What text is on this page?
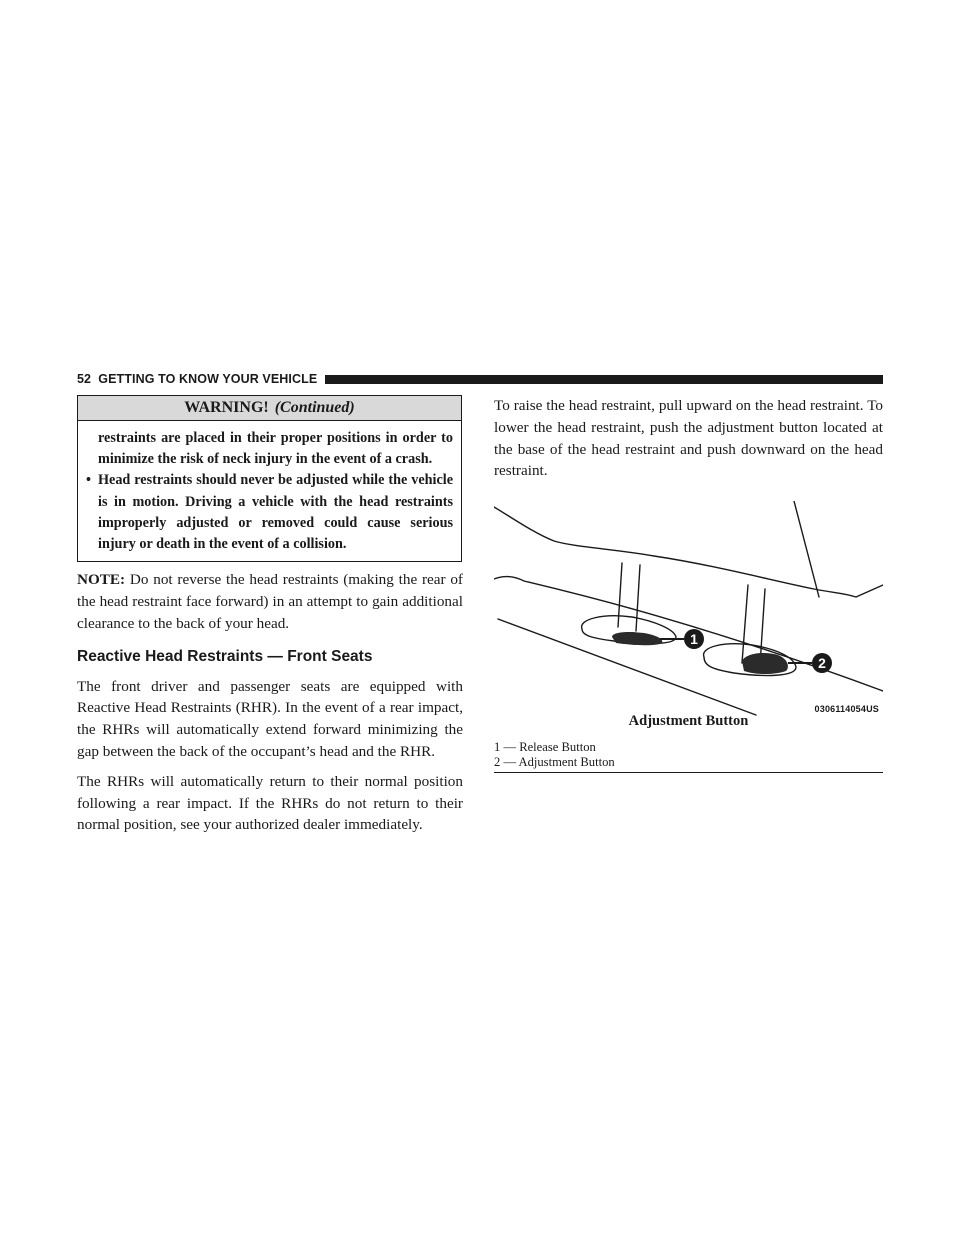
52 GETTING TO KNOW YOUR VEHICLE
WARNING! (Continued)

restraints are placed in their proper positions in order to minimize the risk of neck injury in the event of a crash.

• Head restraints should never be adjusted while the vehicle is in motion. Driving a vehicle with the head restraints improperly adjusted or removed could cause serious injury or death in the event of a collision.

NOTE: Do not reverse the head restraints (making the rear of the head restraint face forward) in an attempt to gain additional clearance to the back of your head.

Reactive Head Restraints — Front Seats

The front driver and passenger seats are equipped with Reactive Head Restraints (RHR). In the event of a rear impact, the RHRs will automatically extend forward minimizing the gap between the back of the occupant’s head and the RHR.

The RHRs will automatically return to their normal position following a rear impact. If the RHRs do not return to their normal position, see your authorized dealer immediately.

To raise the head restraint, pull upward on the head restraint. To lower the head restraint, push the adjustment button located at the base of the head restraint and push downward on the head restraint.

1
2
0306114054US
Adjustment Button
1 — Release Button
2 — Adjustment Button
